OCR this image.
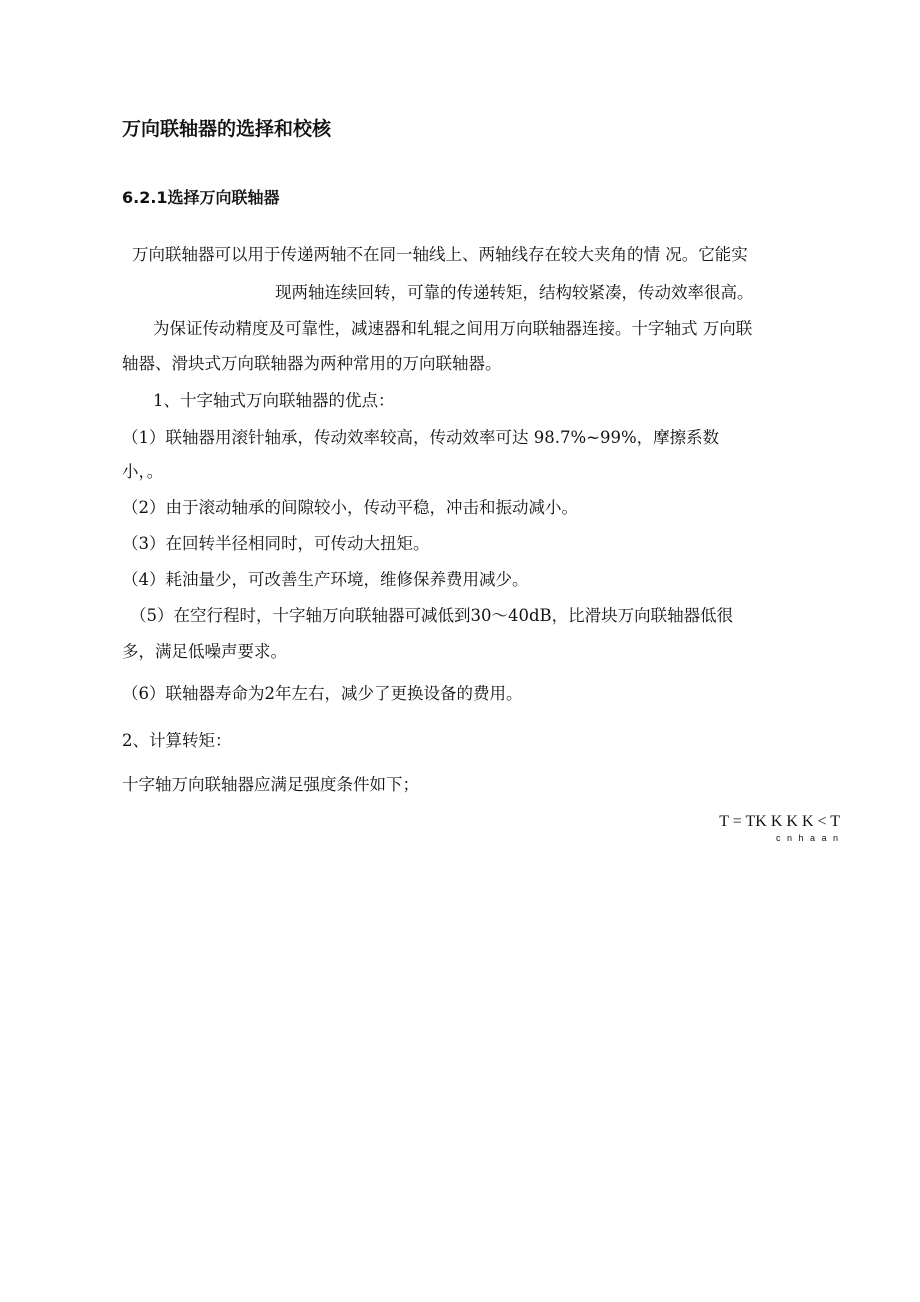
万向联轴器的选择和校核
6.2.1选择万向联轴器
万向联轴器可以用于传递两轴不在同一轴线上、两轴线存在较大夹角的情 况。它能实
现两轴连续回转，可靠的传递转矩，结构较紧凑，传动效率很高。
为保证传动精度及可靠性，减速器和轧辊之间用万向联轴器连接。十字轴式 万向联
轴器、滑块式万向联轴器为两种常用的万向联轴器。
1、十字轴式万向联轴器的优点：
（1）联轴器用滚针轴承，传动效率较高，传动效率可达 98.7%~99%，摩擦系数
小，。
（2）由于滚动轴承的间隙较小，传动平稳，冲击和振动减小。
（3）在回转半径相同时，可传动大扭矩。
（4）耗油量少，可改善生产环境，维修保养费用减少。
（5）在空行程时，十字轴万向联轴器可减低到30〜40dB，比滑块万向联轴器低很
多，满足低噪声要求。
（6）联轴器寿命为2年左右，减少了更换设备的费用。
2、计算转矩：
十字轴万向联轴器应满足强度条件如下；
T = TK K K K < T
c n h a a n
